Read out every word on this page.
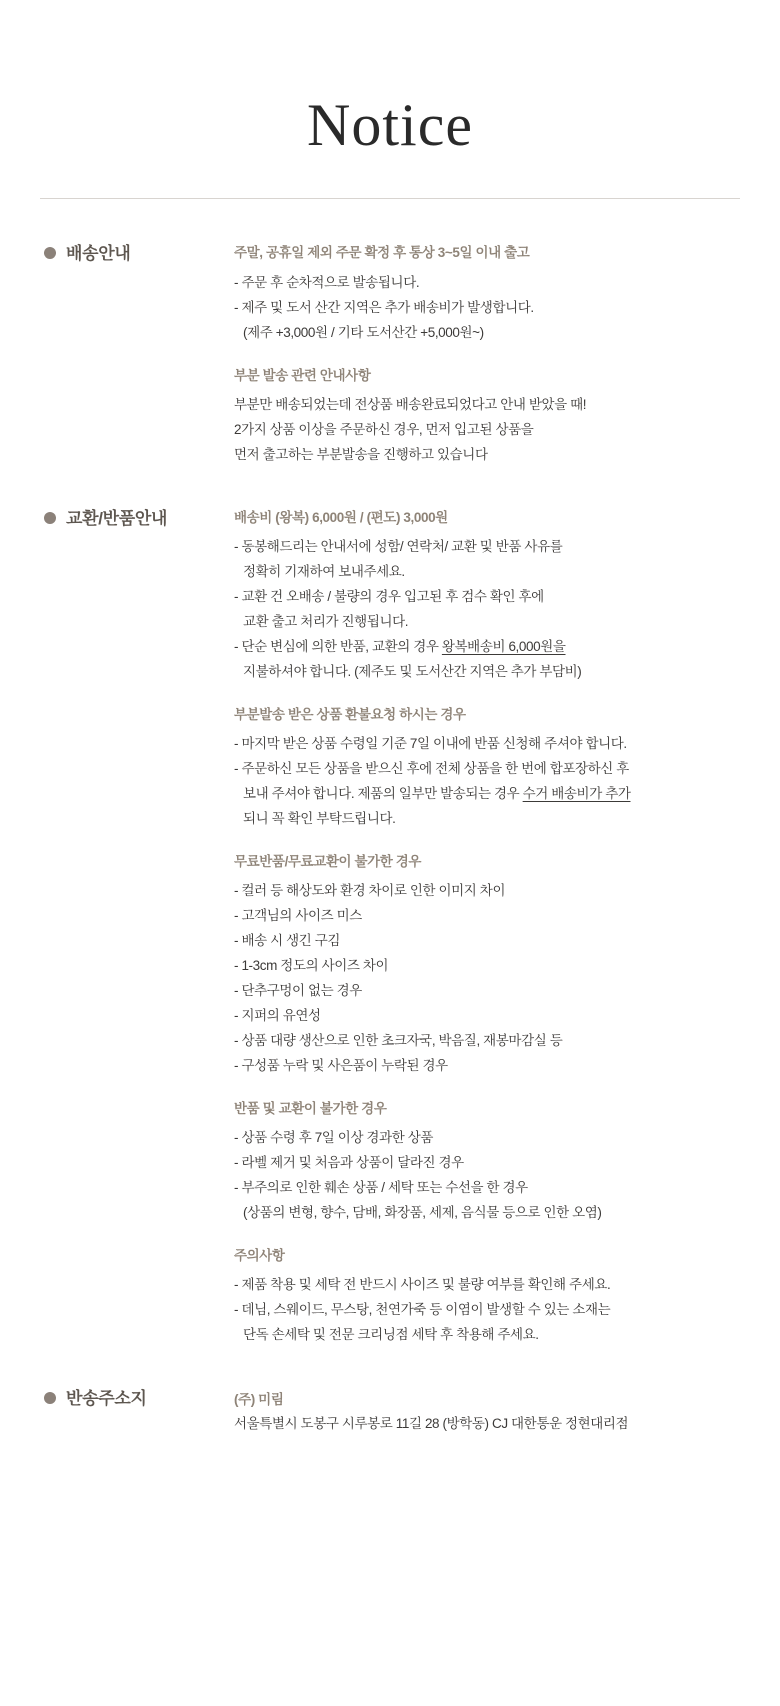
Notice
배송안내	주말, 공휴일 제외 주문 확정 후 통상 3~5일 이내 출고
- 주문 후 순차적으로 발송됩니다.
- 제주 및 도서 산간 지역은 추가 배송비가 발생합니다.
(제주 +3,000원 / 기타 도서산간 +5,000원~)
부분 발송 관련 안내사항
부분만 배송되었는데 전상품 배송완료되었다고 안내 받았을 때!
2가지 상품 이상을 주문하신 경우, 먼저 입고된 상품을
먼저 출고하는 부분발송을 진행하고 있습니다
교환/반품안내	배송비 (왕복) 6,000원 / (편도) 3,000원
- 동봉해드리는 안내서에 성함/ 연락처/ 교환 및 반품 사유를
정확히 기재하여 보내주세요.
- 교환 건 오배송 / 불량의 경우 입고된 후 검수 확인 후에
교환 출고 처리가 진행됩니다.
- 단순 변심에 의한 반품, 교환의 경우 왕복배송비 6,000원을
지불하셔야 합니다. (제주도 및 도서산간 지역은 추가 부담비)
부분발송 받은 상품 환불요청 하시는 경우
- 마지막 받은 상품 수령일 기준 7일 이내에 반품 신청해 주셔야 합니다.
- 주문하신 모든 상품을 받으신 후에 전체 상품을 한 번에 합포장하신 후
보내 주셔야 합니다. 제품의 일부만 발송되는 경우 수거 배송비가 추가
되니 꼭 확인 부탁드립니다.
무료반품/무료교환이 불가한 경우
- 컬러 등 해상도와 환경 차이로 인한 이미지 차이
- 고객님의 사이즈 미스
- 배송 시 생긴 구김
- 1-3cm 정도의 사이즈 차이
- 단추구멍이 없는 경우
- 지퍼의 유연성
- 상품 대량 생산으로 인한 초크자국, 박음질, 재봉마감실 등
- 구성품 누락 및 사은품이 누락된 경우
반품 및 교환이 불가한 경우
- 상품 수령 후 7일 이상 경과한 상품
- 라벨 제거 및 처음과 상품이 달라진 경우
- 부주의로 인한 훼손 상품 / 세탁 또는 수선을 한 경우
(상품의 변형, 향수, 담배, 화장품, 세제, 음식물 등으로 인한 오염)
주의사항
- 제품 착용 및 세탁 전 반드시 사이즈 및 불량 여부를 확인해 주세요.
- 데님, 스웨이드, 무스탕, 천연가죽 등 이염이 발생할 수 있는 소재는
단독 손세탁 및 전문 크리닝점 세탁 후 착용해 주세요.
반송주소지	(주) 미림
서울특별시 도봉구 시루봉로 11길 28 (방학동) CJ 대한통운 정현대리점
